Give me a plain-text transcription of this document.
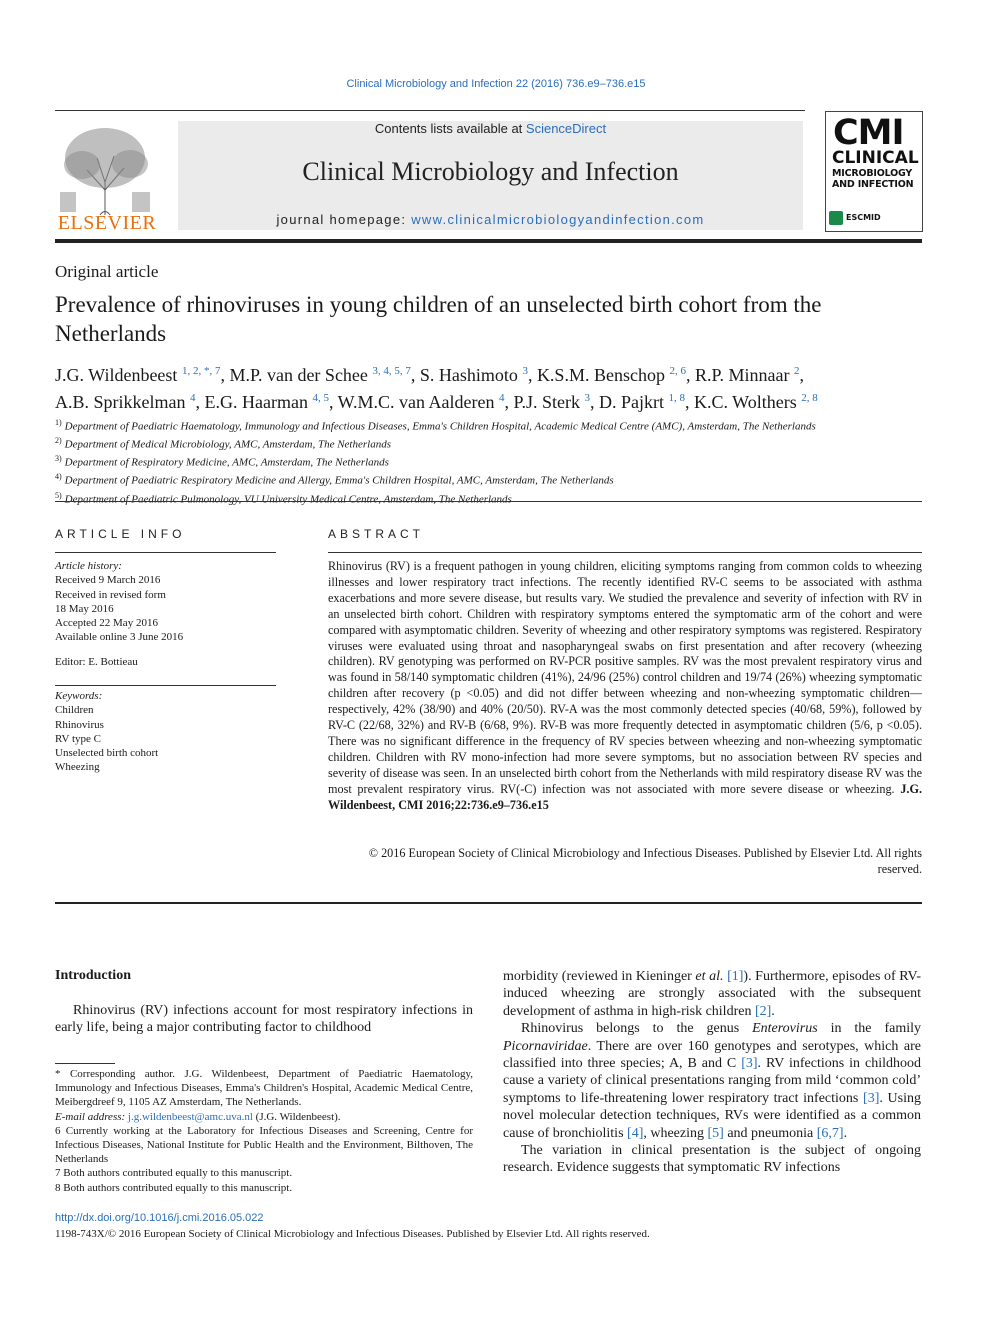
Clinical Microbiology and Infection 22 (2016) 736.e9–736.e15
ELSEVIER
Contents lists available at ScienceDirect
Clinical Microbiology and Infection
journal homepage: www.clinicalmicrobiologyandinfection.com
CMI
CLINICAL
MICROBIOLOGY
AND INFECTION
ESCMID
Original article
Prevalence of rhinoviruses in young children of an unselected birth cohort from the Netherlands
J.G. Wildenbeest $^{1, 2, *, 7}$, M.P. van der Schee $^{3, 4, 5, 7}$, S. Hashimoto $^3$, K.S.M. Benschop $^{2, 6}$, R.P. Minnaar $^2$,
A.B. Sprikkelman $^4$, E.G. Haarman $^{4, 5}$, W.M.C. van Aalderen $^4$, P.J. Sterk $^3$, D. Pajkrt $^{1, 8}$, K.C. Wolthers $^{2, 8}$
$^{1)}$ Department of Paediatric Haematology, Immunology and Infectious Diseases, Emma's Children Hospital, Academic Medical Centre (AMC), Amsterdam, The Netherlands
$^{2)}$ Department of Medical Microbiology, AMC, Amsterdam, The Netherlands
$^{3)}$ Department of Respiratory Medicine, AMC, Amsterdam, The Netherlands
$^{4)}$ Department of Paediatric Respiratory Medicine and Allergy, Emma's Children Hospital, AMC, Amsterdam, The Netherlands
$^{5)}$ Department of Paediatric Pulmonology, VU University Medical Centre, Amsterdam, The Netherlands
ARTICLE INFO	ABSTRACT
Article history:
Received 9 March 2016
Received in revised form
18 May 2016
Accepted 22 May 2016
Available online 3 June 2016
Editor: E. Bottieau
Keywords:
Children
Rhinovirus
RV type C
Unselected birth cohort
Wheezing
Rhinovirus (RV) is a frequent pathogen in young children, eliciting symptoms ranging from common colds to wheezing illnesses and lower respiratory tract infections. The recently identified RV-C seems to be associated with asthma exacerbations and more severe disease, but results vary. We studied the prevalence and severity of infection with RV in an unselected birth cohort. Children with respiratory symptoms entered the symptomatic arm of the cohort and were compared with asymptomatic children. Severity of wheezing and other respiratory symptoms was registered. Respiratory viruses were evaluated using throat and nasopharyngeal swabs on first presentation and after recovery (wheezing children). RV genotyping was performed on RV-PCR positive samples. RV was the most prevalent respiratory virus and was found in 58/140 symptomatic children (41%), 24/96 (25%) control children and 19/74 (26%) wheezing symptomatic children after recovery (p <0.05) and did not differ between wheezing and non-wheezing symptomatic children—respectively, 42% (38/90) and 40% (20/50). RV-A was the most commonly detected species (40/68, 59%), followed by RV-C (22/68, 32%) and RV-B (6/68, 9%). RV-B was more frequently detected in asymptomatic children (5/6, p <0.05). There was no significant difference in the frequency of RV species between wheezing and non-wheezing symptomatic children. Children with RV mono-infection had more severe symptoms, but no association between RV species and severity of disease was seen. In an unselected birth cohort from the Netherlands with mild respiratory disease RV was the most prevalent respiratory virus. RV(-C) infection was not associated with more severe disease or wheezing. J.G. Wildenbeest, CMI 2016;22:736.e9–736.e15
© 2016 European Society of Clinical Microbiology and Infectious Diseases. Published by Elsevier Ltd. All rights reserved.
Introduction
Rhinovirus (RV) infections account for most respiratory infections in early life, being a major contributing factor to childhood

morbidity (reviewed in Kieninger et al. [1]). Furthermore, episodes of RV-induced wheezing are strongly associated with the subsequent development of asthma in high-risk children [2].

Rhinovirus belongs to the genus Enterovirus in the family Picornaviridae. There are over 160 genotypes and serotypes, which are classified into three species; A, B and C [3]. RV infections in childhood cause a variety of clinical presentations ranging from mild ‘common cold’ symptoms to life-threatening lower respiratory tract infections [3]. Using novel molecular detection techniques, RVs were identified as a common cause of bronchiolitis [4], wheezing [5] and pneumonia [6,7].

The variation in clinical presentation is the subject of ongoing research. Evidence suggests that symptomatic RV infections

* Corresponding author. J.G. Wildenbeest, Department of Paediatric Haematology, Immunology and Infectious Diseases, Emma's Children's Hospital, Academic Medical Centre, Meibergdreef 9, 1105 AZ Amsterdam, The Netherlands.

E-mail address: j.g.wildenbeest@amc.uva.nl (J.G. Wildenbeest).

6 Currently working at the Laboratory for Infectious Diseases and Screening, Centre for Infectious Diseases, National Institute for Public Health and the Environment, Bilthoven, The Netherlands

7 Both authors contributed equally to this manuscript.

8 Both authors contributed equally to this manuscript.

http://dx.doi.org/10.1016/j.cmi.2016.05.022
1198-743X/© 2016 European Society of Clinical Microbiology and Infectious Diseases. Published by Elsevier Ltd. All rights reserved.
